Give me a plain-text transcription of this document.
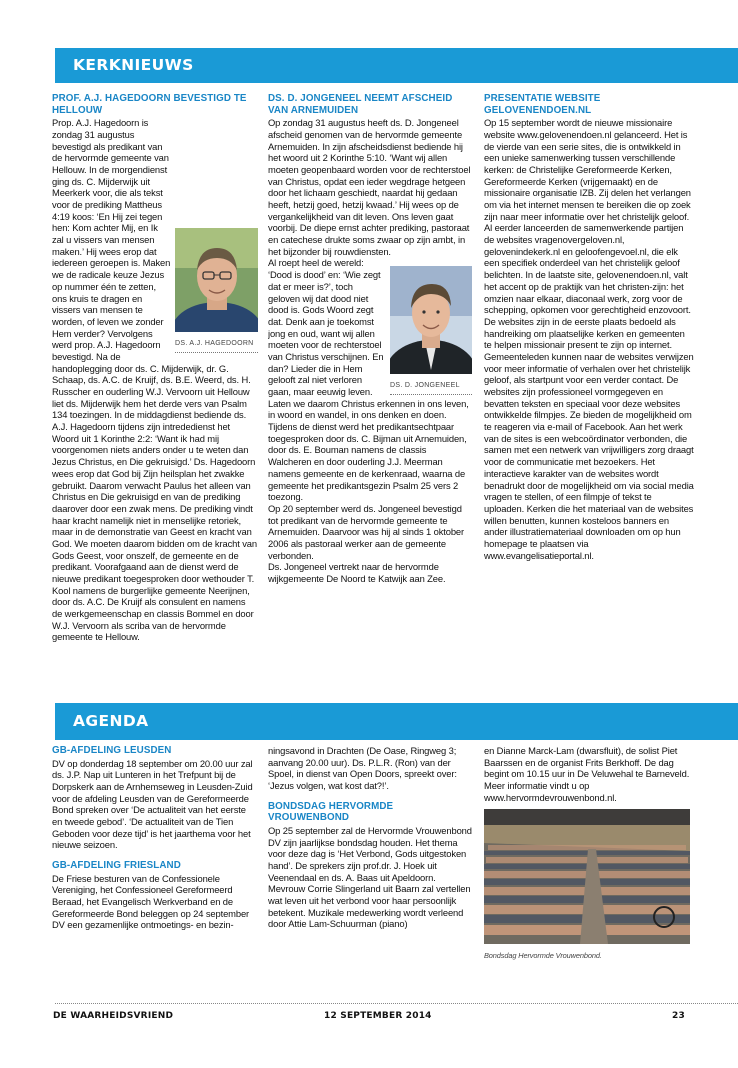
KERKNIEUWS
PROF. A.J. HAGEDOORN BEVESTIGD TE HELLOUW
DS. A.J. HAGEDOORN

Prop. A.J. Hagedoorn is zondag 31 augustus bevestigd als predikant van de hervormde gemeente van Hellouw. In de morgendienst ging ds. C. Mijderwijk uit Meerkerk voor, die als tekst voor de prediking Mattheus 4:19 koos: ‘En Hij zei tegen hen: Kom achter Mij, en Ik zal u vissers van mensen maken.’ Hij wees erop dat iedereen geroepen is. Maken we de radicale keuze Jezus op nummer één te zetten, ons kruis te dragen en vissers van mensen te worden, of leven we zonder Hem verder? Vervolgens werd prop. A.J. Hagedoorn bevestigd. Na de handoplegging door ds. C. Mijderwijk, dr. G. Schaap, ds. A.C. de Kruijf, ds. B.E. Weerd, ds. H. Russcher en ouderling W.J. Vervoorn uit Hellouw liet ds. Mijderwijk hem het derde vers van Psalm 134 toezingen. In de middagdienst bediende ds. A.J. Hagedoorn tijdens zijn intrededienst het Woord uit 1 Korinthe 2:2: ‘Want ik had mij voorgenomen niets anders onder u te weten dan Jezus Christus, en Die gekruisigd.’ Ds. Hagedoorn wees erop dat God bij Zijn heilsplan het zwakke gebruikt. Daarom verwacht Paulus het alleen van Christus en Die gekruisigd en van de prediking daarover door een zwak mens. De prediking vindt haar kracht namelijk niet in menselijke retoriek, maar in de demonstratie van Geest en kracht van God. We moeten daarom bidden om de kracht van Gods Geest, voor onszelf, de gemeente en de predikant. Voorafgaand aan de dienst werd de nieuwe predikant toegesproken door wethouder T. Kool namens de burgerlijke gemeente Neerijnen, door ds. A.C. De Kruijf als consulent en namens de werkgemeenschap en classis Bommel en door W.J. Vervoorn als scriba van de hervormde gemeente te Hellouw.

DS. D. JONGENEEL NEEMT AFSCHEID VAN ARNEMUIDEN

Op zondag 31 augustus heeft ds. D. Jongeneel afscheid genomen van de hervormde gemeente Arnemuiden. In zijn afscheidsdienst bediende hij het woord uit 2 Korinthe 5:10. ‘Want wij allen moeten geopenbaard worden voor de rechterstoel van Christus, opdat een ieder wegdrage hetgeen door het lichaam geschiedt, naardat hij gedaan heeft, hetzij goed, hetzij kwaad.’ Hij wees op de vergankelijkheid van dit leven. Ons leven gaat voorbij. De diepe ernst achter prediking, pastoraat en catechese drukte soms zwaar op zijn ambt, in het bijzonder bij rouwdiensten.

DS. D. JONGENEEL

Al roept heel de wereld: ‘Dood is dood’ en: ‘Wie zegt dat er meer is?’, toch geloven wij dat dood niet dood is. Gods Woord zegt dat. Denk aan je toekomst jong en oud, want wij allen moeten voor de rechterstoel van Christus verschijnen. En dan? Lieder die in Hem gelooft zal niet verloren gaan, maar eeuwig leven. Laten we daarom Christus erkennen in ons leven, in woord en wandel, in ons denken en doen. Tijdens de dienst werd het predikantsechtpaar toegesproken door ds. C. Bijman uit Arnemuiden, door ds. E. Bouman namens de classis Walcheren en door ouderling J.J. Meerman namens gemeente en de kerkenraad, waarna de gemeente het predikantsgezin Psalm 25 vers 2 toezong.

Op 20 september werd ds. Jongeneel bevestigd tot predikant van de hervormde gemeente te Arnemuiden. Daarvoor was hij al sinds 1 oktober 2006 als pastoraal werker aan de gemeente verbonden.

Ds. Jongeneel vertrekt naar de hervormde wijkgemeente De Noord te Katwijk aan Zee.

PRESENTATIE WEBSITE GELOVENENDOEN.NL

Op 15 september wordt de nieuwe missionaire website www.gelovenendoen.nl gelanceerd. Het is de vierde van een serie sites, die is ontwikkeld in een unieke samenwerking tussen verschillende kerken: de Christelijke Gereformeerde Kerken, Gereformeerde Kerken (vrijgemaakt) en de missionaire organisatie IZB. Zij delen het verlangen om via het internet mensen te bereiken die op zoek zijn naar meer informatie over het christelijk geloof.

Al eerder lanceerden de samenwerkende partijen de websites vragenovergeloven.nl, gelovenindekerk.nl en geloofengevoel.nl, die elk een specifiek onderdeel van het christelijk geloof belichten. In de laatste site, gelovenendoen.nl, valt het accent op de praktijk van het christen-zijn: het omzien naar elkaar, diaconaal werk, zorg voor de schepping, opkomen voor gerechtigheid enzovoort.

De websites zijn in de eerste plaats bedoeld als handreiking om plaatselijke kerken en gemeenten te helpen missionair present te zijn op internet. Gemeenteleden kunnen naar de websites verwijzen voor meer informatie of verhalen over het christelijk geloof, als startpunt voor een verder contact. De websites zijn professioneel vormgegeven en bevatten teksten en speciaal voor deze websites ontwikkelde filmpjes. Ze bieden de mogelijkheid om te reageren via e-mail of Facebook. Aan het werk van de sites is een webcoördinator verbonden, die samen met een netwerk van vrijwilligers zorg draagt voor de communicatie met bezoekers. Het interactieve karakter van de websites wordt benadrukt door de mogelijkheid om via social media vragen te stellen, of een filmpje of tekst te uploaden. Kerken die het materiaal van de websites willen benutten, kunnen kosteloos banners en ander illustratiemateriaal downloaden om op hun homepage te plaatsen via www.evangelisatieportal.nl.

AGENDA
GB-AFDELING LEUSDEN

DV op donderdag 18 september om 20.00 uur zal ds. J.P. Nap uit Lunteren in het Trefpunt bij de Dorpskerk aan de Arnhemseweg in Leusden-Zuid voor de afdeling Leusden van de Gereformeerde Bond spreken over ‘De actualiteit van het eerste en tweede gebod’. ‘De actualiteit van de Tien Geboden voor deze tijd’ is het jaarthema voor het nieuwe seizoen.

GB-AFDELING FRIESLAND

De Friese besturen van de Confessionele Vereniging, het Confessioneel Gereformeerd Beraad, het Evangelisch Werkverband en de Gereformeerde Bond beleggen op 24 september DV een gezamenlijke ontmoetings- en bezin-

ningsavond in Drachten (De Oase, Ringweg 3; aanvang 20.00 uur). Ds. P.L.R. (Ron) van der Spoel, in dienst van Open Doors, spreekt over: ‘Jezus volgen, wat kost dat?!’.

BONDSDAG HERVORMDE VROUWENBOND

Op 25 september zal de Hervormde Vrouwenbond DV zijn jaarlijkse bondsdag houden. Het thema voor deze dag is ‘Het Verbond, Gods uitgestoken hand’. De sprekers zijn prof.dr. J. Hoek uit Veenendaal en ds. A. Baas uit Apeldoorn. Mevrouw Corrie Slingerland uit Baarn zal vertellen wat leven uit het verbond voor haar persoonlijk betekent. Muzikale medewerking wordt verleend door Attie Lam-Schuurman (piano)

en Dianne Marck-Lam (dwarsfluit), de solist Piet Baarssen en de organist Frits Berkhoff. De dag begint om 10.15 uur in De Veluwehal te Barneveld. Meer informatie vindt u op www.hervormdevrouwenbond.nl.

Bondsdag Hervormde Vrouwenbond.
DE WAARHEIDSVRIEND	12 SEPTEMBER 2014	23
